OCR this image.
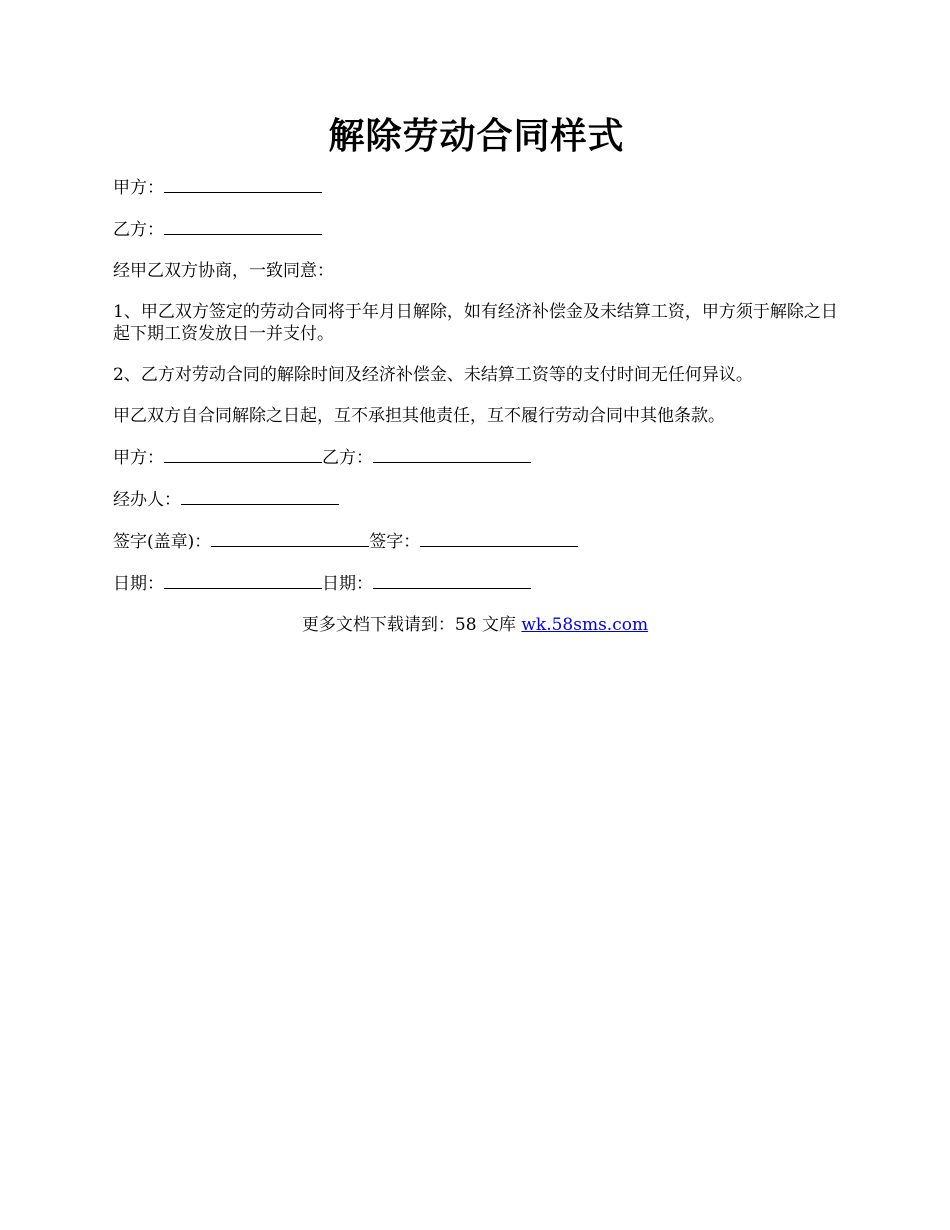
解除劳动合同样式

甲方：

乙方：

经甲乙双方协商，一致同意：

1、甲乙双方签定的劳动合同将于年月日解除，如有经济补偿金及未结算工资，甲方须于解除之日起下期工资发放日一并支付。

2、乙方对劳动合同的解除时间及经济补偿金、未结算工资等的支付时间无任何异议。

甲乙双方自合同解除之日起，互不承担其他责任，互不履行劳动合同中其他条款。

甲方：	乙方：

经办人：

签字(盖章)：	签字：

日期：	日期：

更多文档下载请到：58 文库 wk.58sms.com
